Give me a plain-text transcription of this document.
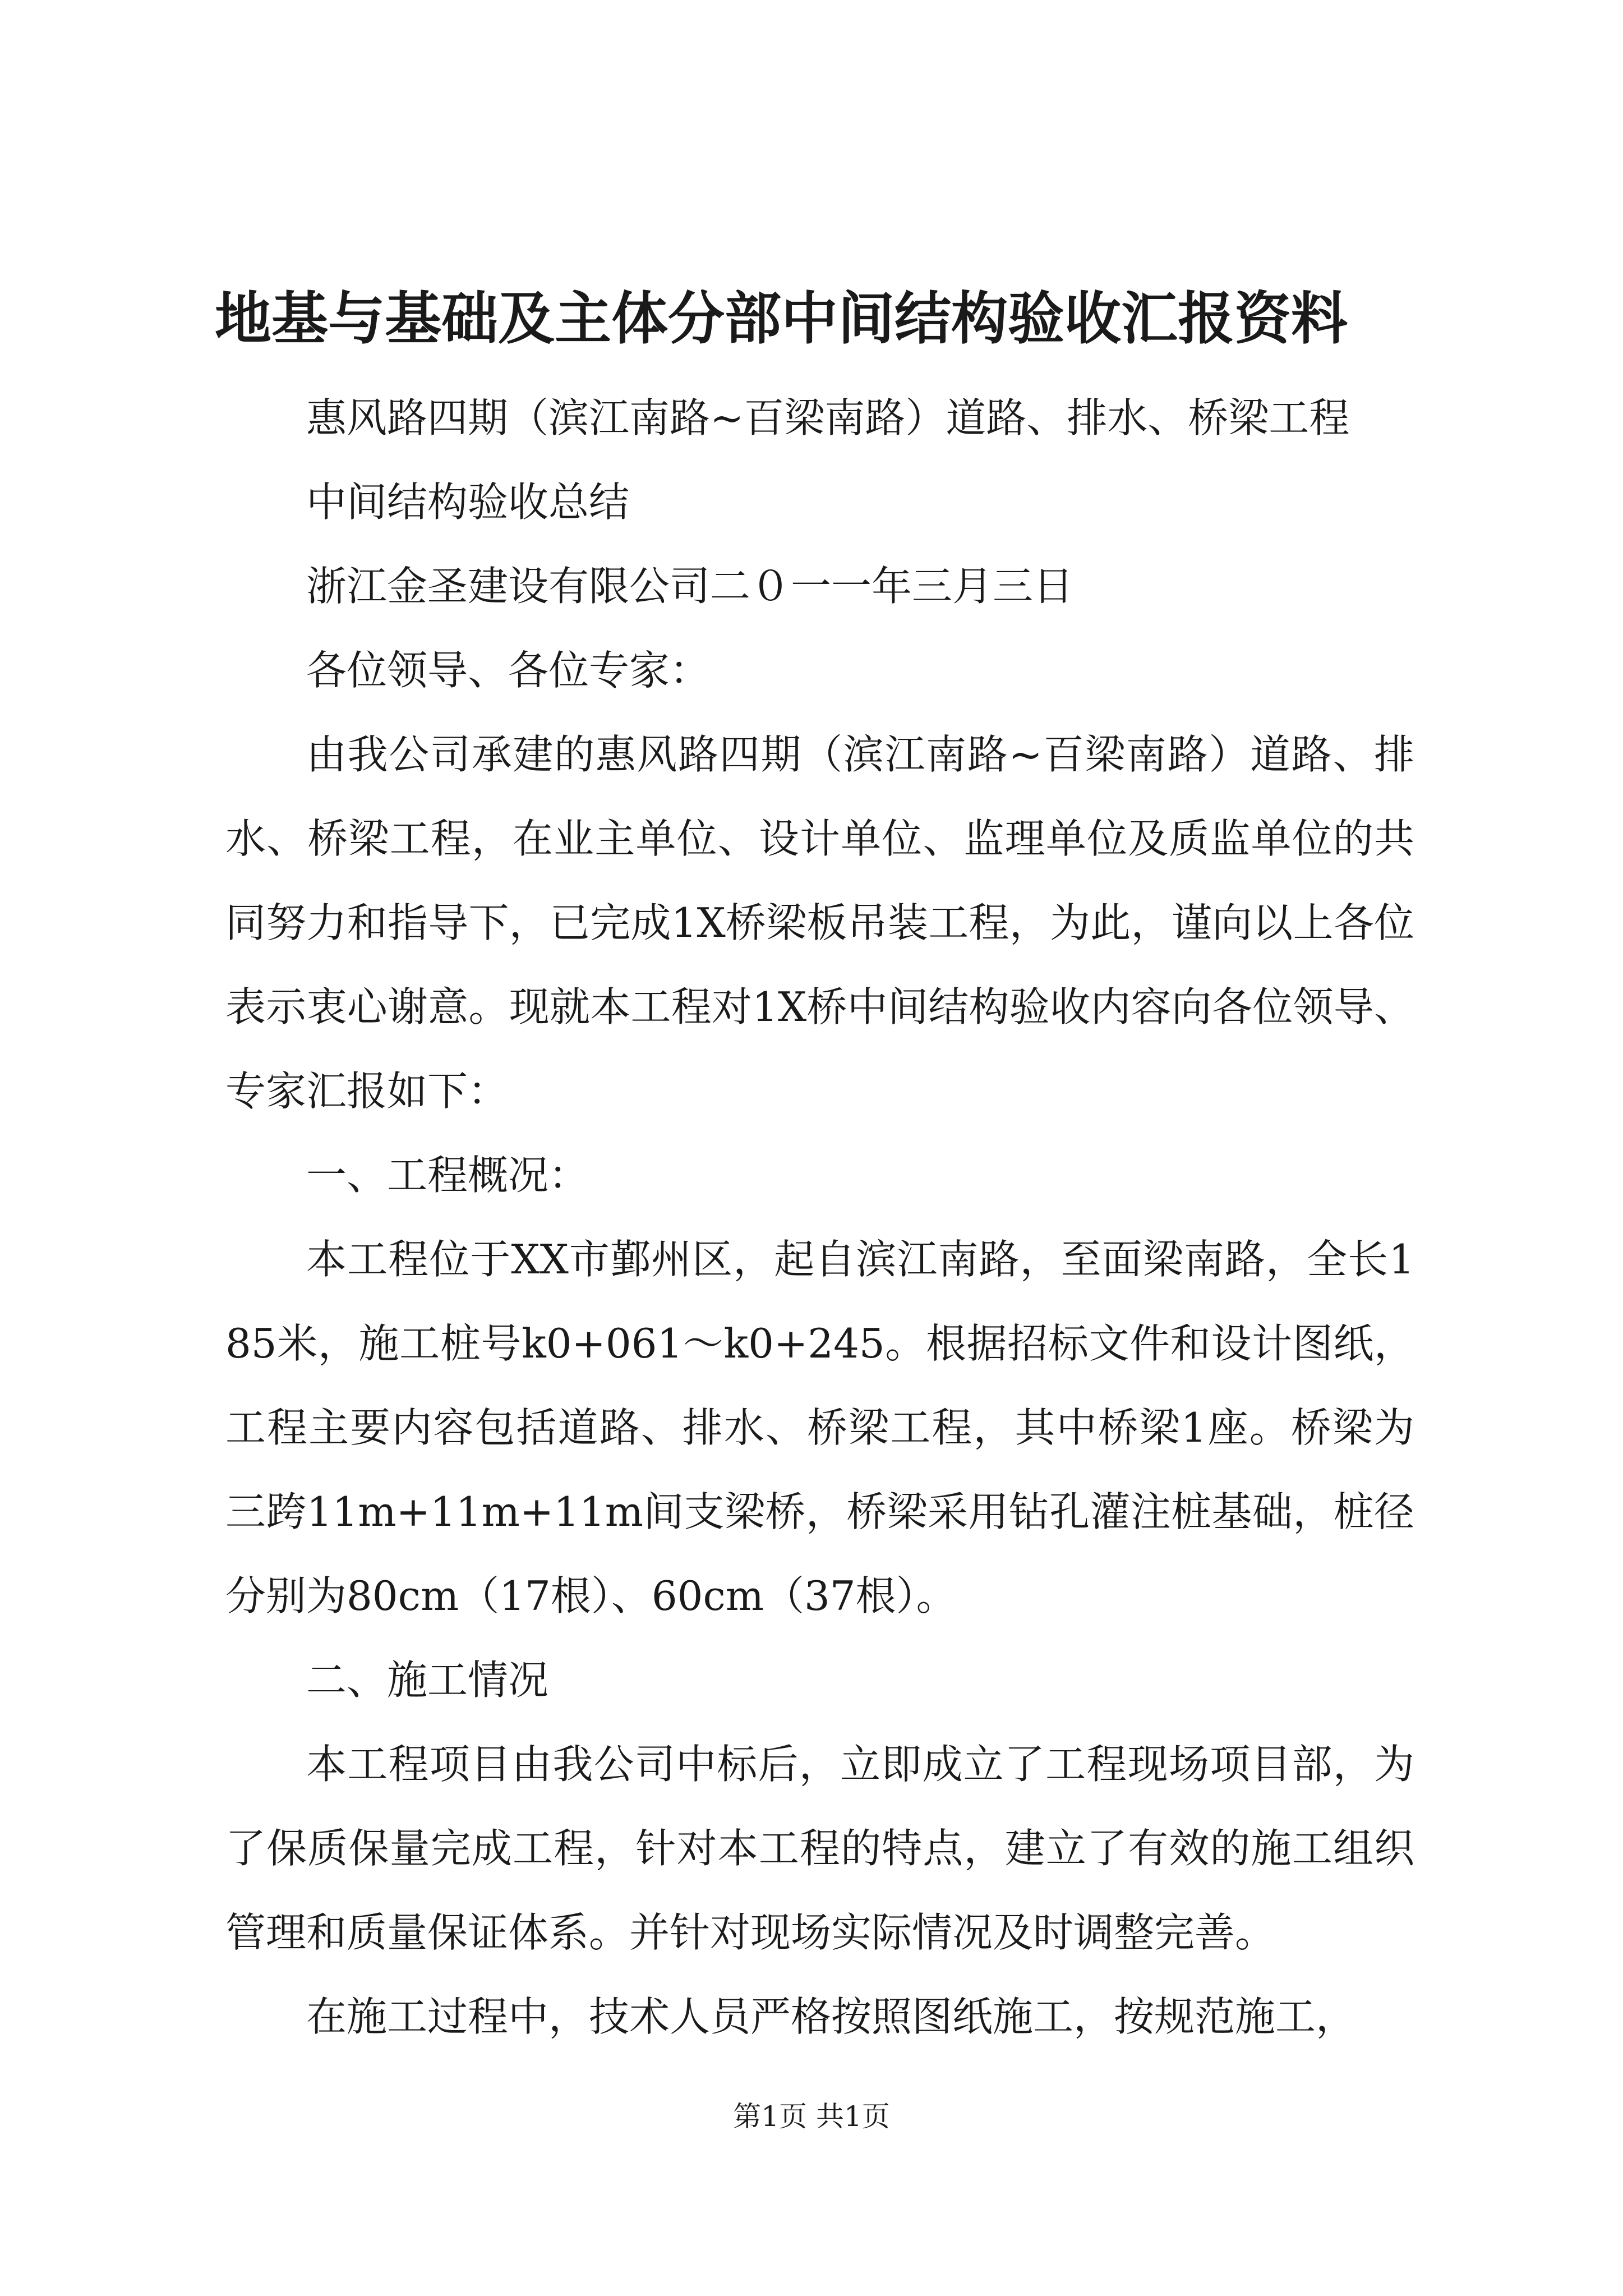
地基与基础及主体分部中间结构验收汇报资料

惠风路四期（滨江南路~百梁南路）道路、排水、桥梁工程

中间结构验收总结

浙江金圣建设有限公司二０一一年三月三日

各位领导、各位专家：

由我公司承建的惠风路四期（滨江南路~百梁南路）道路、排水、桥梁工程，在业主单位、设计单位、监理单位及质监单位的共同努力和指导下，已完成1X桥梁板吊装工程，为此，谨向以上各位表示衷心谢意。现就本工程对1X桥中间结构验收内容向各位领导、专家汇报如下：

一、工程概况：

本工程位于XX市鄞州区，起自滨江南路，至面梁南路，全长185米，施工桩号k0+061～k0+245。根据招标文件和设计图纸，工程主要内容包括道路、排水、桥梁工程，其中桥梁1座。桥梁为三跨11m+11m+11m间支梁桥，桥梁采用钻孔灌注桩基础，桩径分别为80cm（17根）、60cm（37根）。

二、施工情况

本工程项目由我公司中标后，立即成立了工程现场项目部，为了保质保量完成工程，针对本工程的特点，建立了有效的施工组织管理和质量保证体系。并针对现场实际情况及时调整完善。

在施工过程中，技术人员严格按照图纸施工，按规范施工，

第1页 共1页
